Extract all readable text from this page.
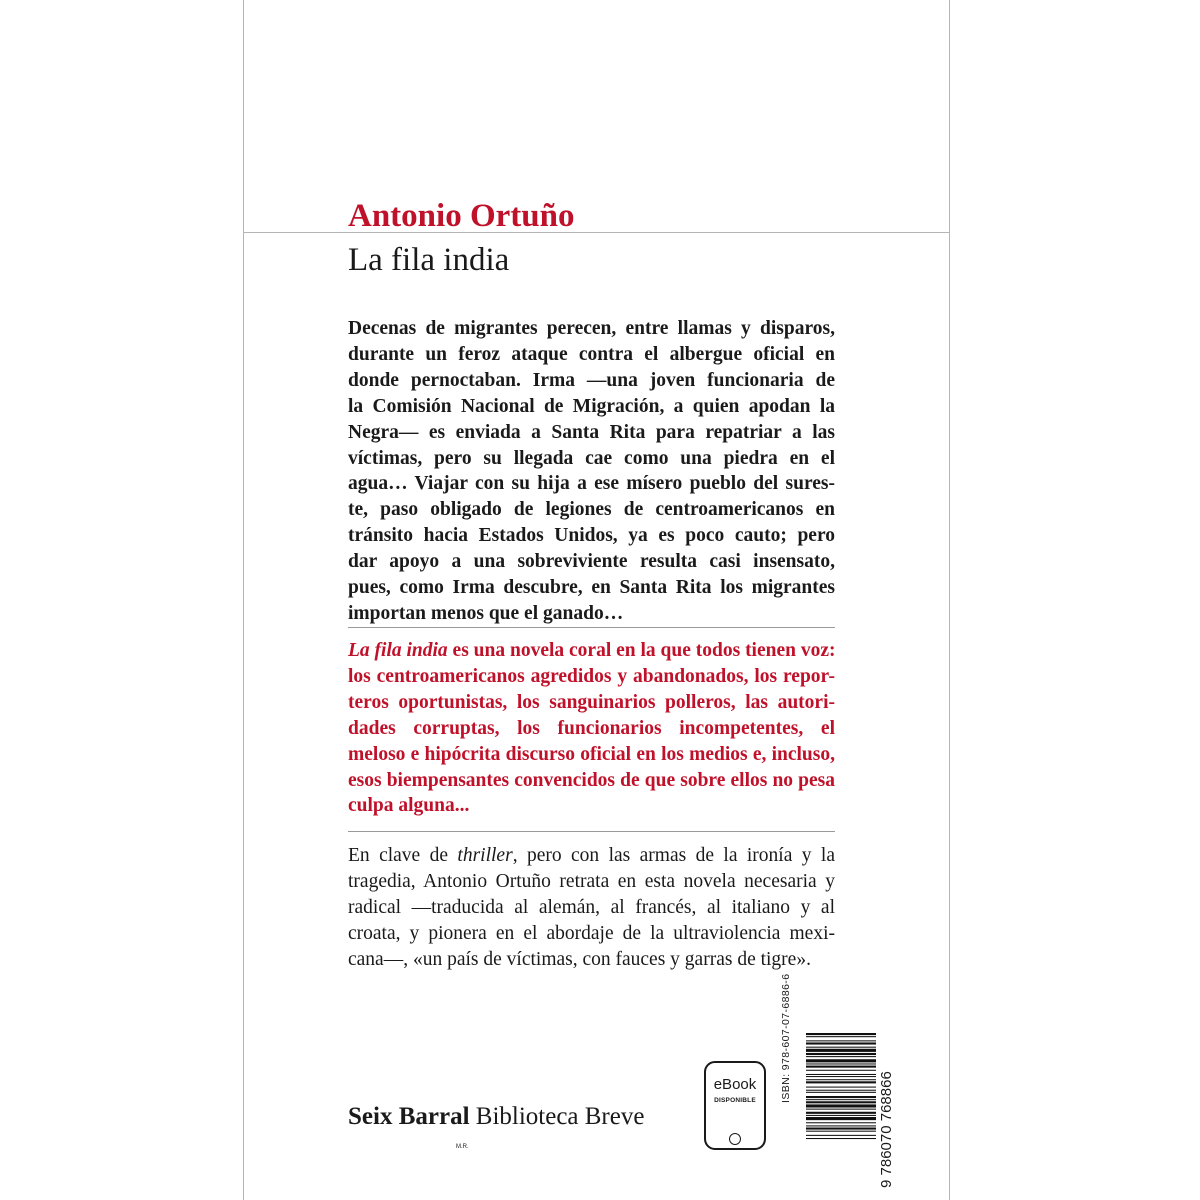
Antonio Ortuño
La fila india

Decenas de migrantes perecen, entre llamas y disparos,
durante un feroz ataque contra el albergue oficial en
donde pernoctaban. Irma —una joven funcionaria de
la Comisión Nacional de Migración, a quien apodan la
Negra— es enviada a Santa Rita para repatriar a las
víctimas, pero su llegada cae como una piedra en el
agua… Viajar con su hija a ese mísero pueblo del sures-
te, paso obligado de legiones de centroamericanos en
tránsito hacia Estados Unidos, ya es poco cauto; pero
dar apoyo a una sobreviviente resulta casi insensato,
pues, como Irma descubre, en Santa Rita los migrantes
importan menos que el ganado…

La fila india es una novela coral en la que todos tienen voz:
los centroamericanos agredidos y abandonados, los repor-
teros oportunistas, los sanguinarios polleros, las autori-
dades corruptas, los funcionarios incompetentes, el
meloso e hipócrita discurso oficial en los medios e, incluso,
esos biempensantes convencidos de que sobre ellos no pesa
culpa alguna...

En clave de thriller, pero con las armas de la ironía y la
tragedia, Antonio Ortuño retrata en esta novela necesaria y
radical —traducida al alemán, al francés, al italiano y al
croata, y pionera en el abordaje de la ultraviolencia mexi-
cana—, «un país de víctimas, con fauces y garras de tigre».

Seix Barral Biblioteca Breve

M.R.
eBook
DISPONIBLE	ISBN: 978-607-07-6886-6
9 786070 768866
